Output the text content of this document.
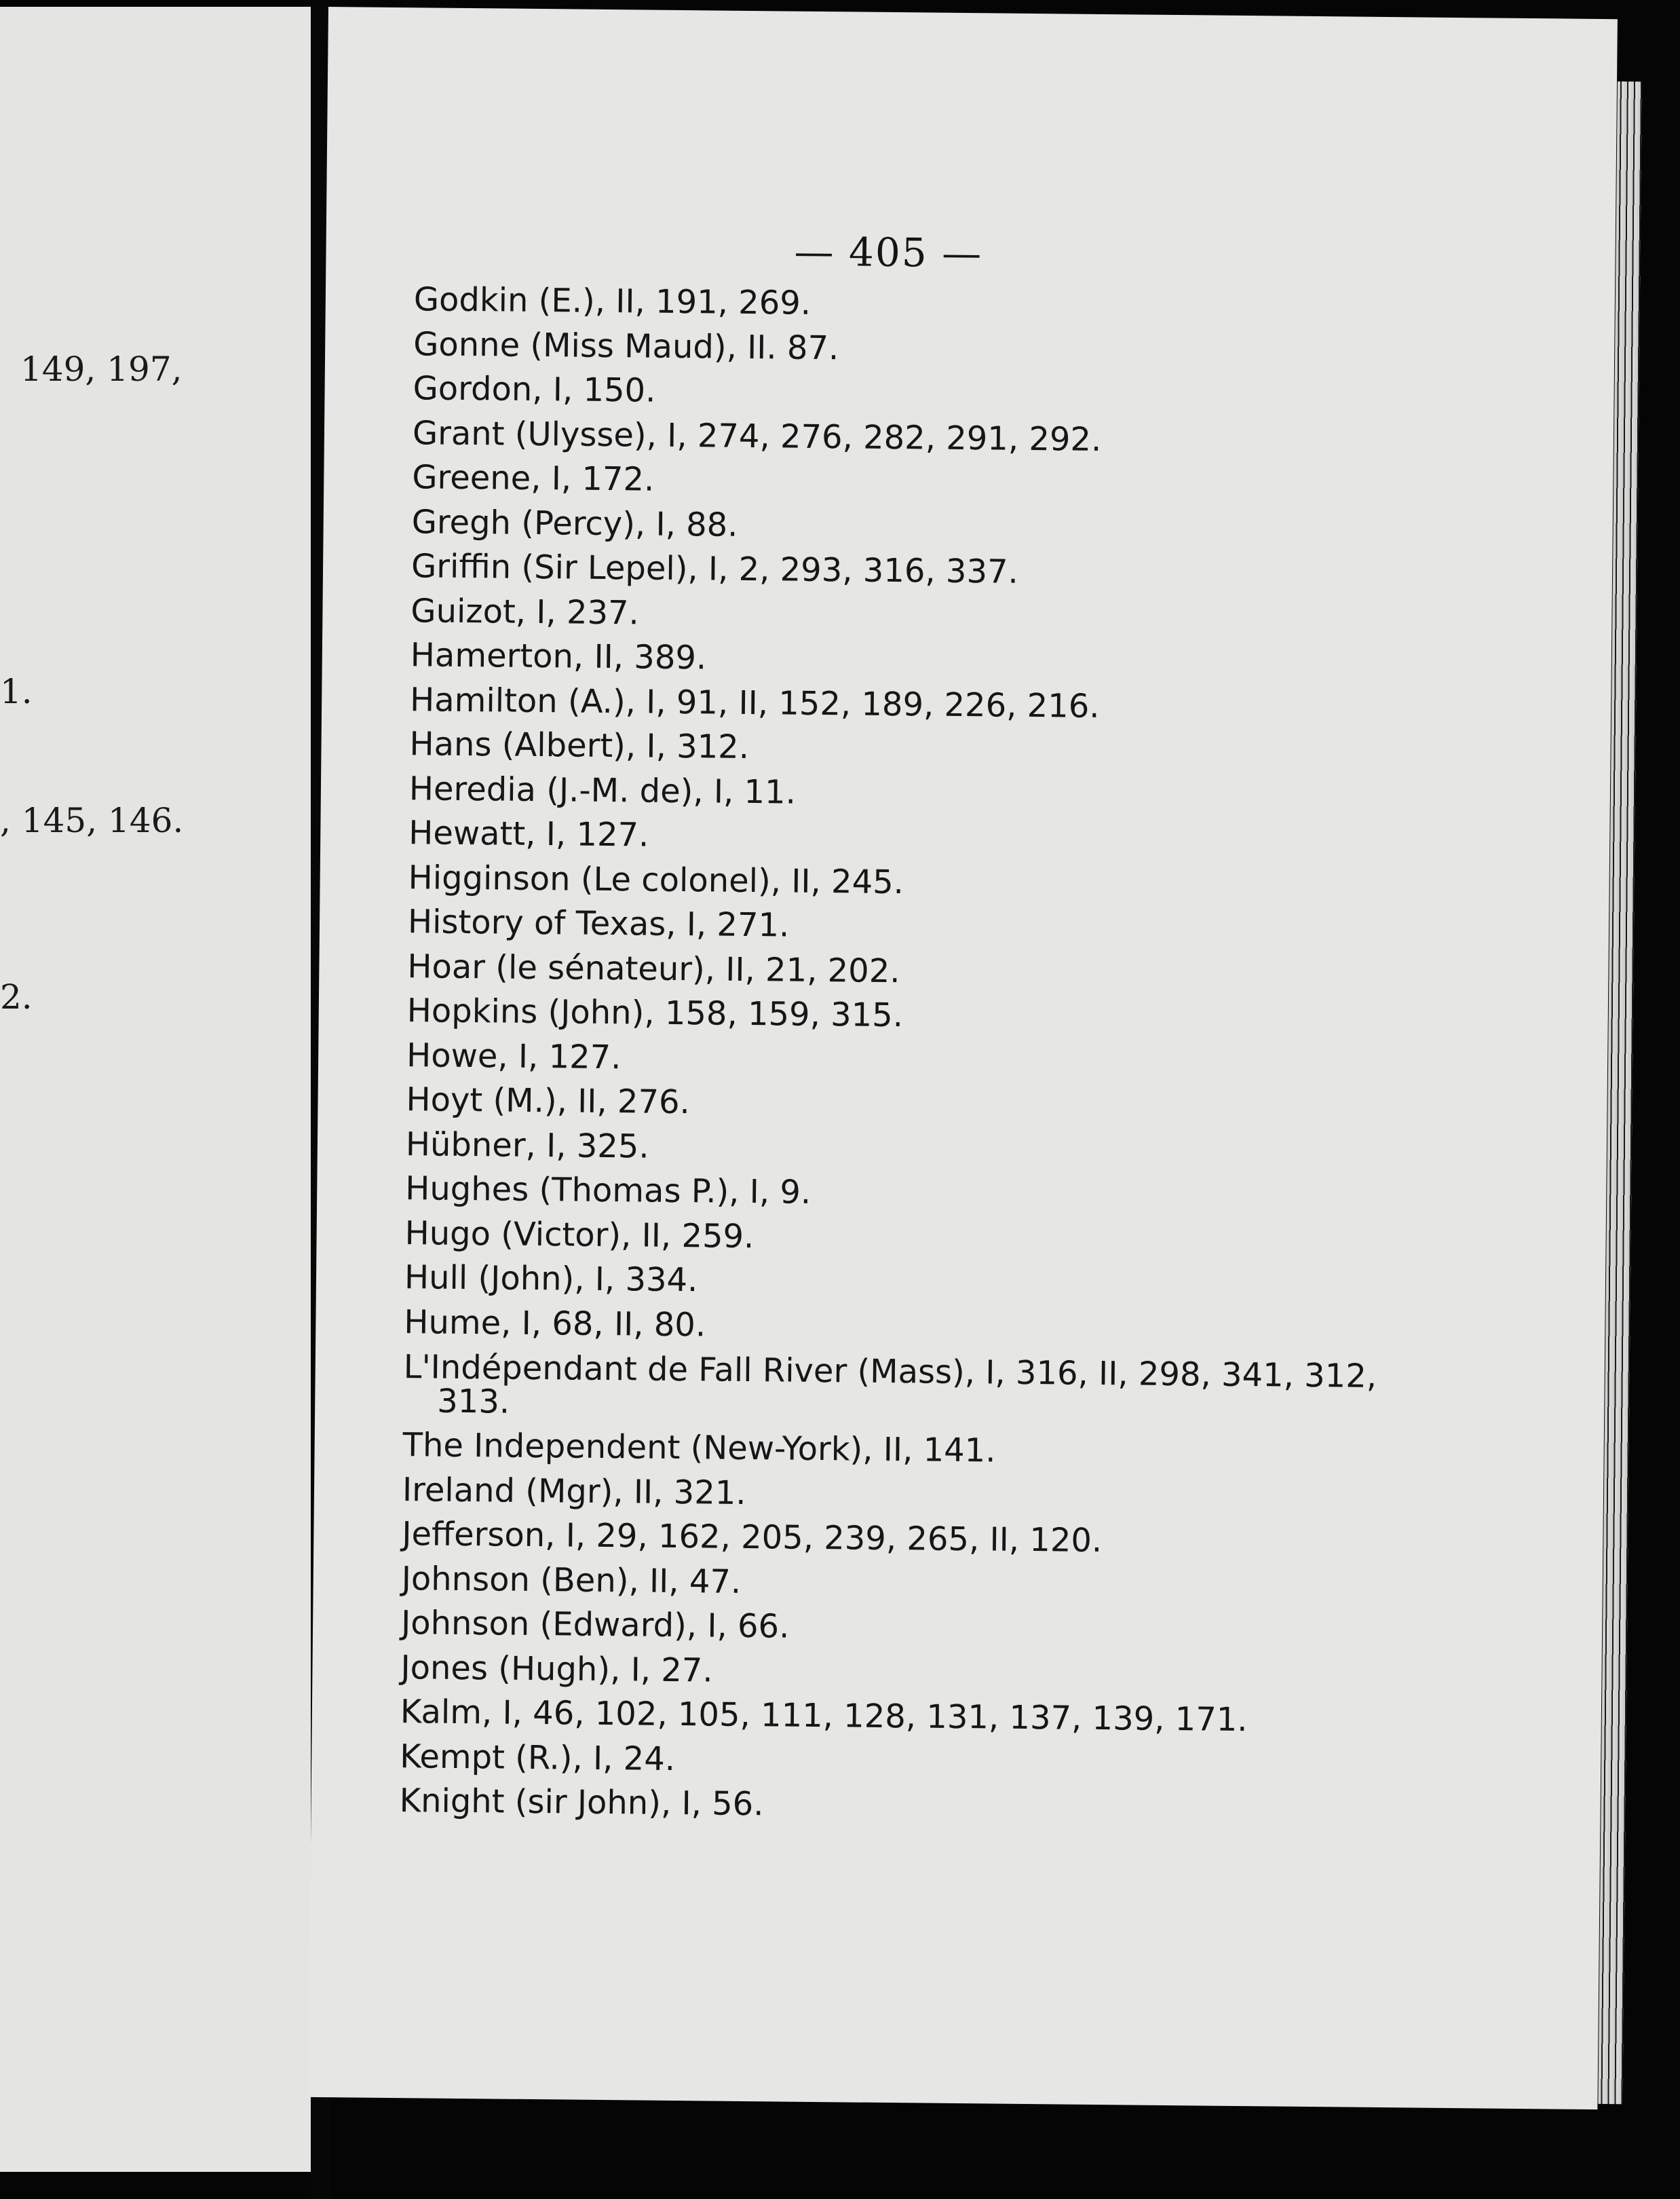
149, 197,
1.
, 145, 146.
2.
— 405 —
Godkin (E.), II, 191, 269.
Gonne (Miss Maud), II. 87.
Gordon, I, 150.
Grant (Ulysse), I, 274, 276, 282, 291, 292.
Greene, I, 172.
Gregh (Percy), I, 88.
Griffin (Sir Lepel), I, 2, 293, 316, 337.
Guizot, I, 237.
Hamerton, II, 389.
Hamilton (A.), I, 91, II, 152, 189, 226, 216.
Hans (Albert), I, 312.
Heredia (J.-M. de), I, 11.
Hewatt, I, 127.
Higginson (Le colonel), II, 245.
History of Texas, I, 271.
Hoar (le sénateur), II, 21, 202.
Hopkins (John), 158, 159, 315.
Howe, I, 127.
Hoyt (M.), II, 276.
Hübner, I, 325.
Hughes (Thomas P.), I, 9.
Hugo (Victor), II, 259.
Hull (John), I, 334.
Hume, I, 68, II, 80.
L'Indépendant de Fall River (Mass), I, 316, II, 298, 341, 312, 313.
The Independent (New-York), II, 141.
Ireland (Mgr), II, 321.
Jefferson, I, 29, 162, 205, 239, 265, II, 120.
Johnson (Ben), II, 47.
Johnson (Edward), I, 66.
Jones (Hugh), I, 27.
Kalm, I, 46, 102, 105, 111, 128, 131, 137, 139, 171.
Kempt (R.), I, 24.
Knight (sir John), I, 56.
